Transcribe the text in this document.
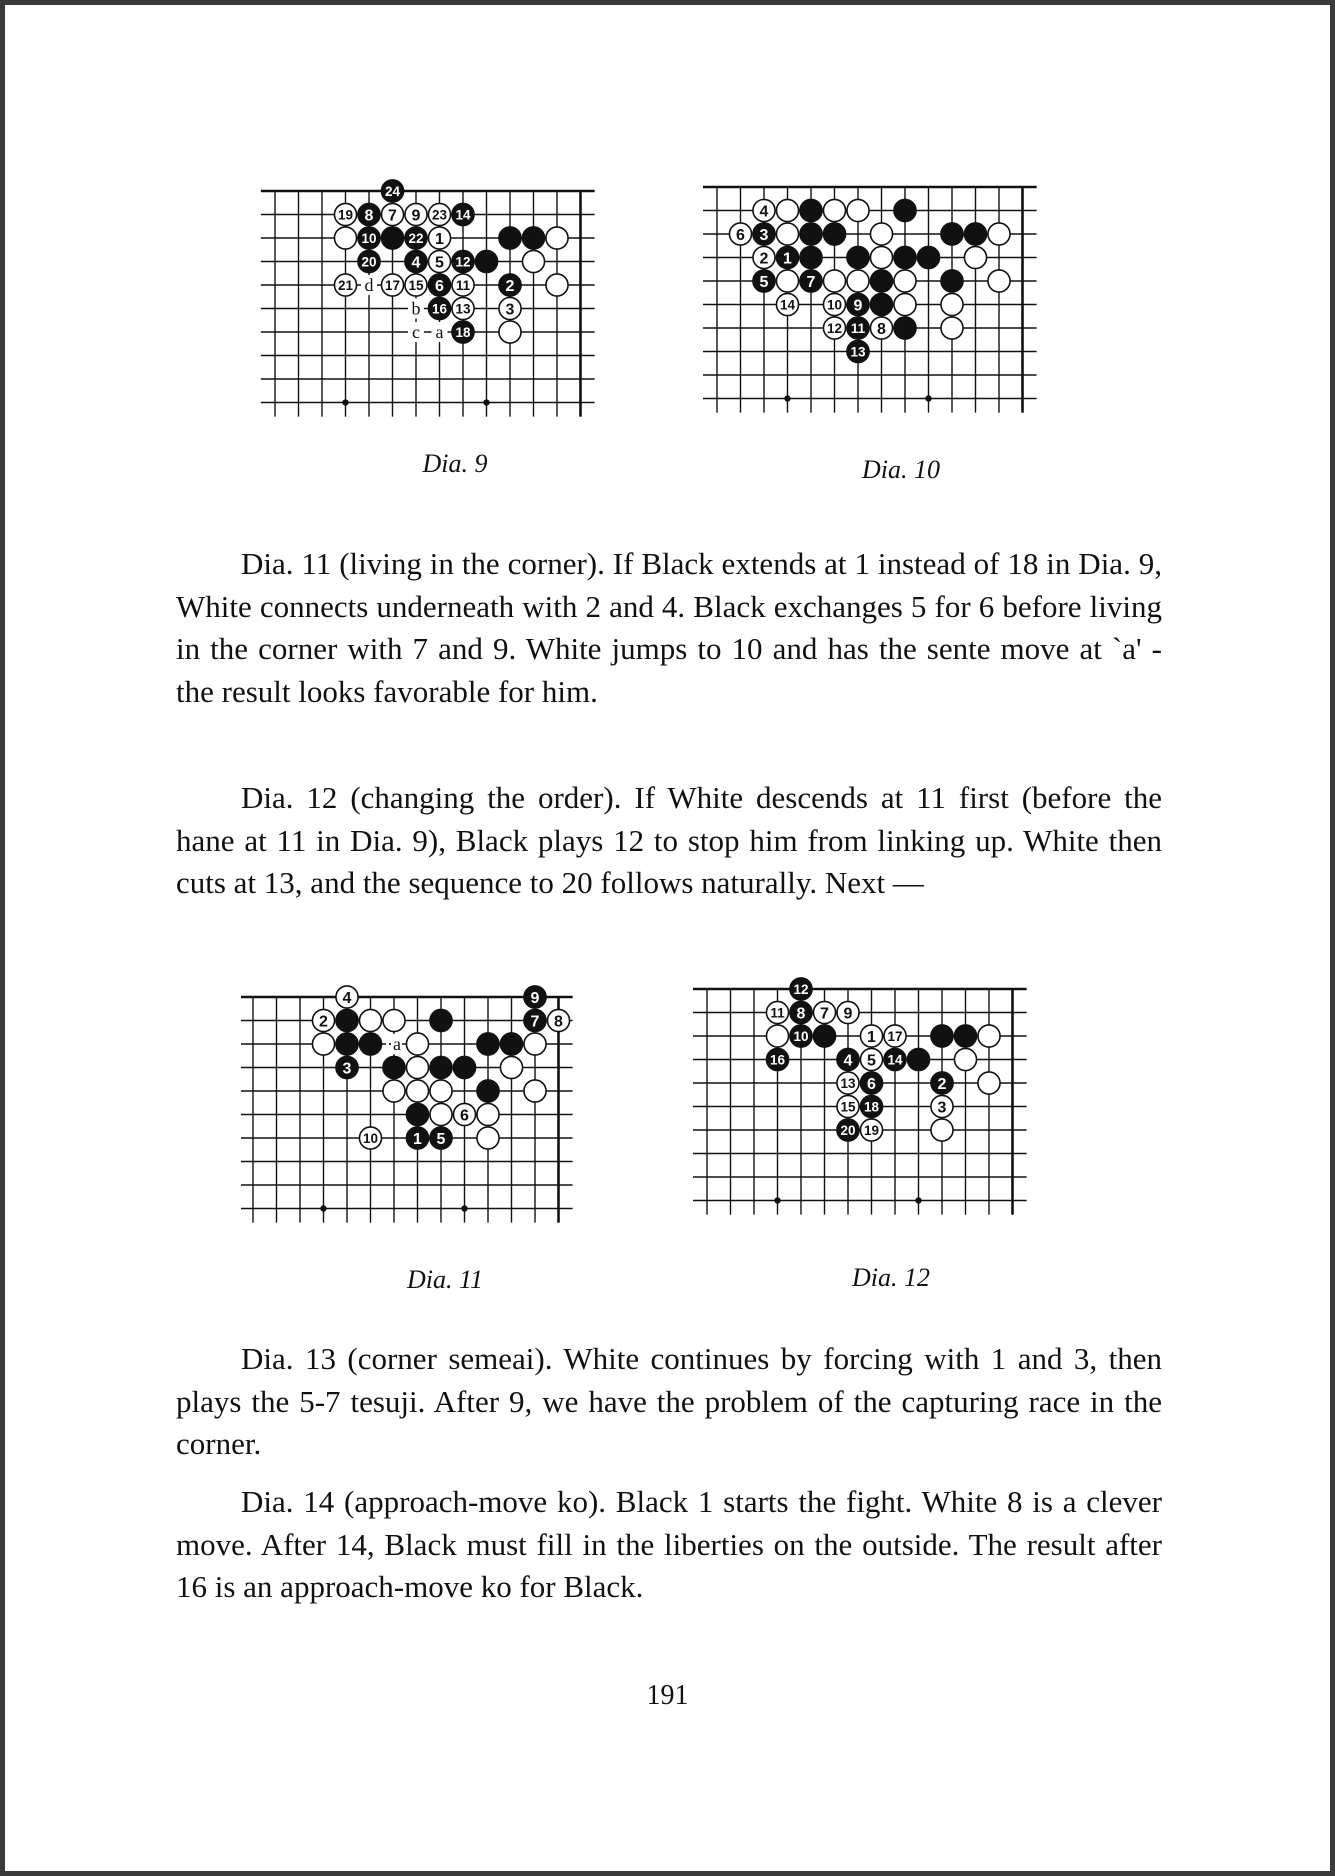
24
19 8 7 9 23 14
10 22 1
20 4 5 12
21 d 17 15 6 11 2
b 16 13 3
c a 18
Dia. 9
4
6 3
2 1
5 7
14 10 9
12 11 8
13
Dia. 10

Dia. 11 (living in the corner). If Black extends at 1 instead of 18 in Dia. 9, White connects underneath with 2 and 4. Black exchanges 5 for 6 before living in the corner with 7 and 9. White jumps to 10 and has the sente move at `a' - the result looks favorable for him.

Dia. 12 (changing the order). If White descends at 11 first (before the hane at 11 in Dia. 9), Black plays 12 to stop him from linking up. White then cuts at 13, and the sequence to 20 follows naturally. Next —

4	9
2	7 8
·a
3
6
10 1 5
Dia. 11
12
11 8 7 9
10	1 17
16	4 5 14
13 6	2
15 18	3
20 19
Dia. 12

Dia. 13 (corner semeai). White continues by forcing with 1 and 3, then plays the 5-7 tesuji. After 9, we have the problem of the capturing race in the corner.

Dia. 14 (approach-move ko). Black 1 starts the fight. White 8 is a clever move. After 14, Black must fill in the liberties on the outside. The result after 16 is an approach-move ko for Black.

191
